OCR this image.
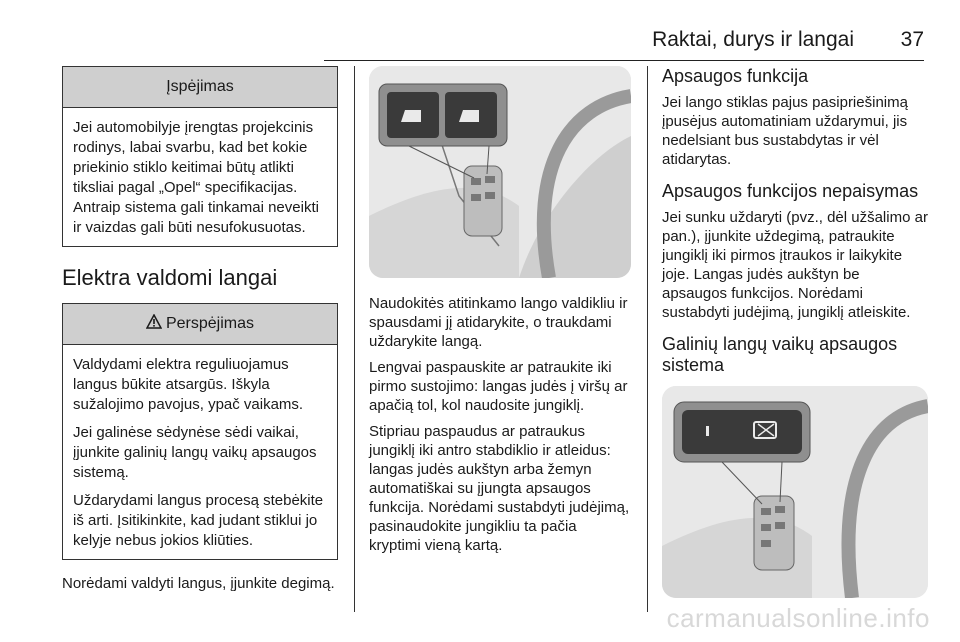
Raktai, durys ir langai 37
Įspėjimas

Jei automobilyje įrengtas projekcinis rodinys, labai svarbu, kad bet kokie priekinio stiklo keitimai būtų atlikti tiksliai pagal „Opel“ specifikacijas. Antraip sistema gali tinkamai neveikti ir vaizdas gali būti nesufokusuotas.

Elektra valdomi langai
Perspėjimas

Valdydami elektra reguliuojamus langus būkite atsargūs. Iškyla sužalojimo pavojus, ypač vaikams.

Jei galinėse sėdynėse sėdi vaikai, įjunkite galinių langų vaikų apsaugos sistemą.

Uždarydami langus procesą stebėkite iš arti. Įsitikinkite, kad judant stiklui jo kelyje nebus jokios kliūties.

Norėdami valdyti langus, įjunkite degimą.

Naudokitės atitinkamo lango valdikliu ir spausdami jį atidarykite, o traukdami uždarykite langą.

Lengvai paspauskite ar patraukite iki pirmo sustojimo: langas judės į viršų ar apačią tol, kol naudosite jungiklį.

Stipriau paspaudus ar patraukus jungiklį iki antro stabdiklio ir atleidus: langas judės aukštyn arba žemyn automatiškai su įjungta apsaugos funkcija. Norėdami sustabdyti judėjimą, pasinaudokite jungikliu ta pačia kryptimi vieną kartą.

Apsaugos funkcija

Jei lango stiklas pajus pasipriešinimą įpusėjus automatiniam uždarymui, jis nedelsiant bus sustabdytas ir vėl atidarytas.

Apsaugos funkcijos nepaisymas

Jei sunku uždaryti (pvz., dėl užšalimo ar pan.), įjunkite uždegimą, patraukite jungiklį iki pirmos įtraukos ir laikykite joje. Langas judės aukštyn be apsaugos funkcijos. Norėdami sustabdyti judėjimą, jungiklį atleiskite.

Galinių langų vaikų apsaugos sistema
carmanualsonline.info
